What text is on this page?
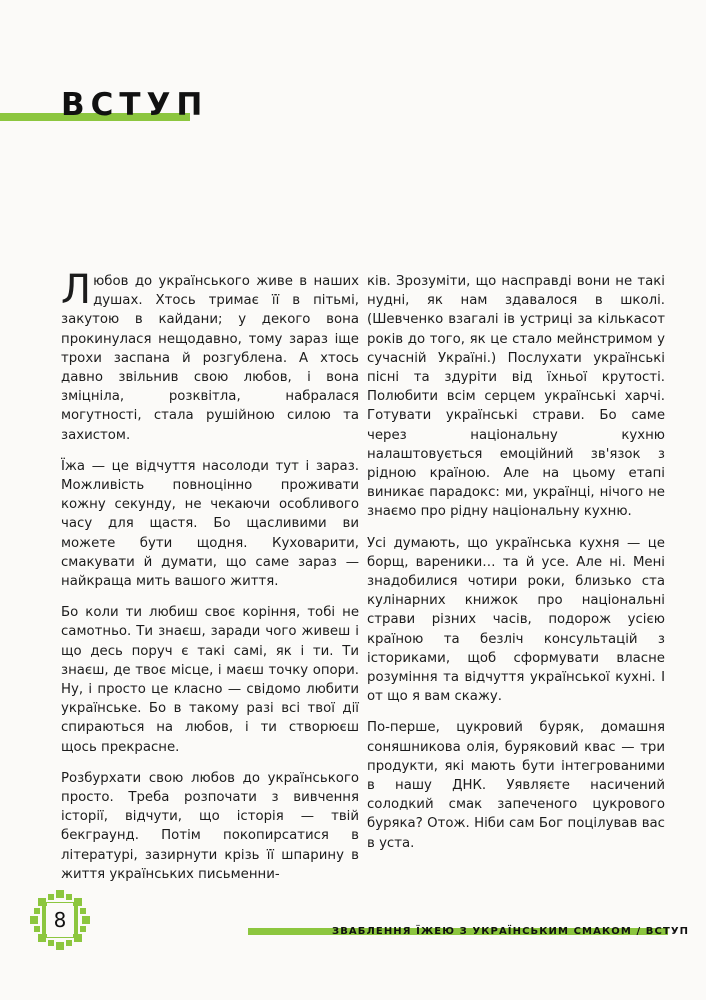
ВСТУП

Любов до українського живе в наших душах. Хтось тримає її в пітьмі, закутою в кайдани; у декого вона прокинулася нещодавно, тому зараз іще трохи заспана й розгублена. А хтось давно звільнив свою любов, і вона зміцніла, розквітла, набралася могутності, стала рушійною силою та захистом.

Їжа — це відчуття насолоди тут і зараз. Можливість повноцінно проживати кожну секунду, не чекаючи особливого часу для щастя. Бо щасливими ви можете бути щодня. Куховарити, смакувати й думати, що саме зараз — найкраща мить вашого життя.

Бо коли ти любиш своє коріння, тобі не самотньо. Ти знаєш, заради чого живеш і що десь поруч є такі самі, як і ти. Ти знаєш, де твоє місце, і маєш точку опори. Ну, і просто це класно — свідомо любити українське. Бо в такому разі всі твої дії спираються на любов, і ти створюєш щось прекрасне.

Розбурхати свою любов до українського просто. Треба розпочати з вивчення історії, відчути, що історія — твій бекграунд. Потім покопирсатися в літературі, зазирнути крізь її шпарину в життя українських письменни-

ків. Зрозуміти, що насправді вони не такі нудні, як нам здавалося в школі. (Шевченко взагалі ів устриці за кількасот років до того, як це стало мейнстримом у сучасній Україні.) Послухати українські пісні та здуріти від їхньої крутості. Полюбити всім серцем українські харчі. Готувати українські страви. Бо саме через національну кухню налаштовується емоційний зв'язок з рідною країною. Але на цьому етапі виникає парадокс: ми, українці, нічого не знаємо про рідну національну кухню.

Усі думають, що українська кухня — це борщ, вареники… та й усе. Але ні. Мені знадобилися чотири роки, близько ста кулінарних книжок про національні страви різних часів, подорож усією країною та безліч консультацій з істориками, щоб сформувати власне розуміння та відчуття української кухні. І от що я вам скажу.

По-перше, цукровий буряк, домашня соняшникова олія, буряковий квас — три продукти, які мають бути інтегрованими в нашу ДНК. Уявляєте насичений солодкий смак запеченого цукрового буряка? Отож. Ніби сам Бог поцілував вас в уста.

8	ЗВАБЛЕННЯ ЇЖЕЮ З УКРАЇНСЬКИМ СМАКОМ / ВСТУП
